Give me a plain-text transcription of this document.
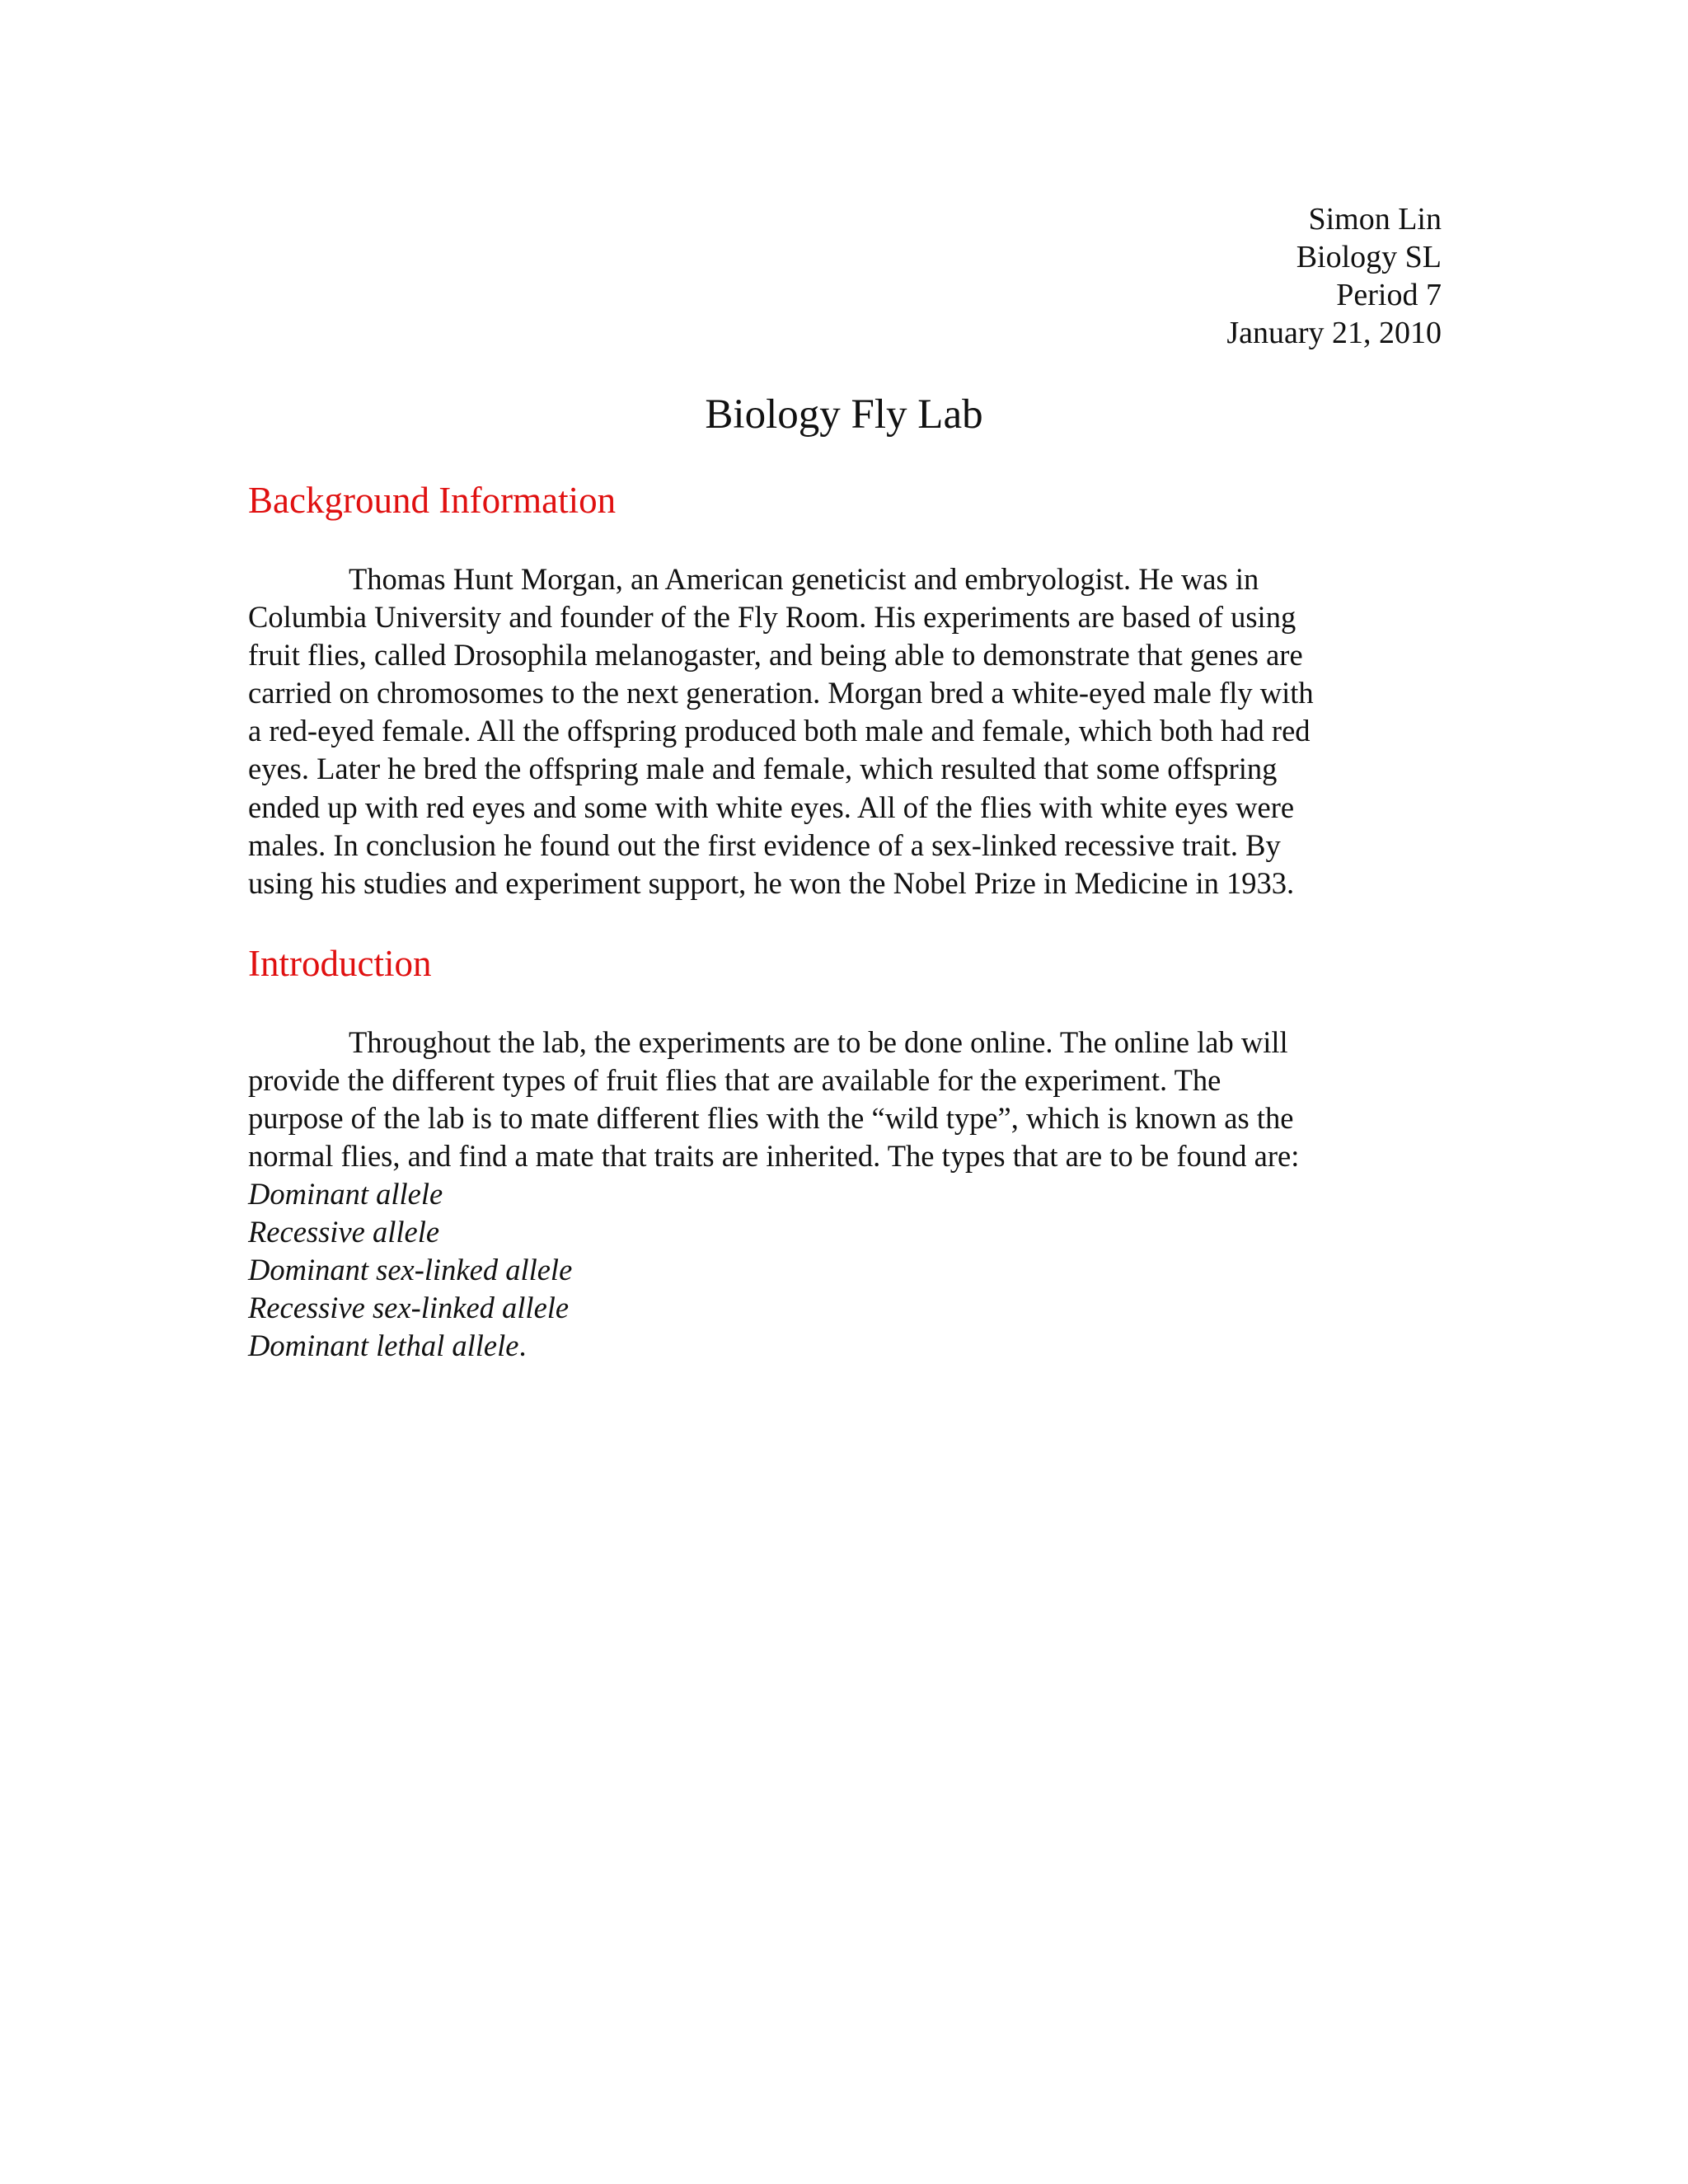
Simon Lin
Biology SL
Period 7
January 21, 2010
Biology Fly Lab
Background Information

Thomas Hunt Morgan, an American geneticist and embryologist. He was in
Columbia University and founder of the Fly Room. His experiments are based of using
fruit flies, called Drosophila melanogaster, and being able to demonstrate that genes are
carried on chromosomes to the next generation. Morgan bred a white-eyed male fly with
a red-eyed female. All the offspring produced both male and female, which both had red
eyes. Later he bred the offspring male and female, which resulted that some offspring
ended up with red eyes and some with white eyes. All of the flies with white eyes were
males. In conclusion he found out the first evidence of a sex-linked recessive trait. By
using his studies and experiment support, he won the Nobel Prize in Medicine in 1933.

Introduction

Throughout the lab, the experiments are to be done online. The online lab will
provide the different types of fruit flies that are available for the experiment. The
purpose of the lab is to mate different flies with the “wild type”, which is known as the
normal flies, and find a mate that traits are inherited. The types that are to be found are:

Dominant allele
Recessive allele
Dominant sex-linked allele
Recessive sex-linked allele
Dominant lethal allele.
